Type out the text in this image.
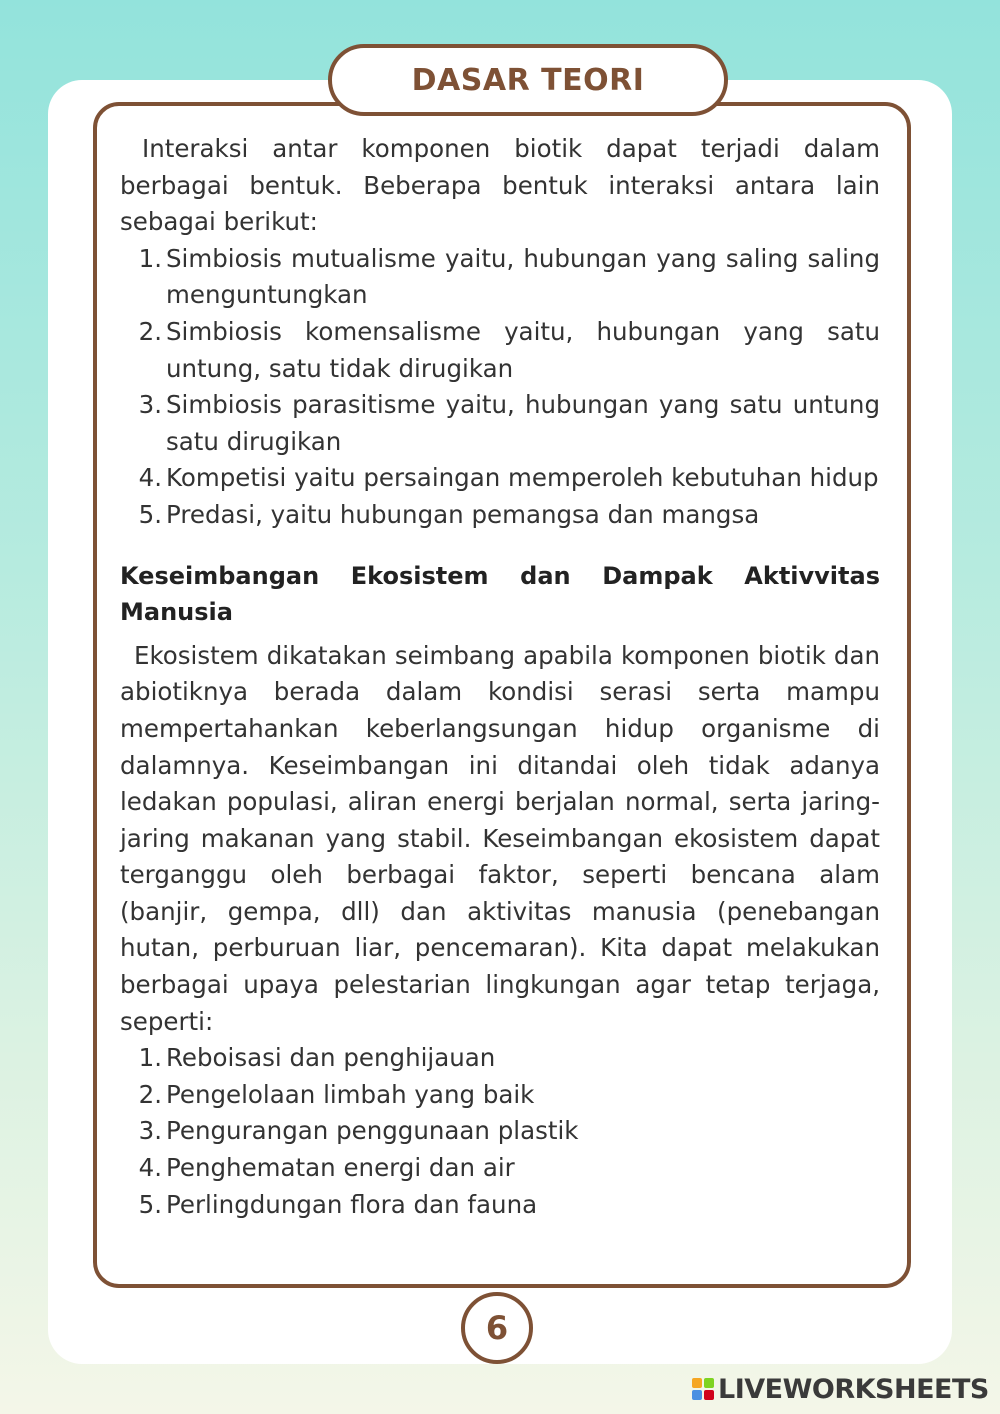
DASAR TEORI

Interaksi antar komponen biotik dapat terjadi dalam berbagai bentuk. Beberapa bentuk interaksi antara lain sebagai berikut:

1. Simbiosis mutualisme yaitu, hubungan yang saling saling menguntungkan
2. Simbiosis komensalisme yaitu, hubungan yang satu untung, satu tidak dirugikan
3. Simbiosis parasitisme yaitu, hubungan yang satu untung satu dirugikan
4. Kompetisi yaitu persaingan memperoleh kebutuhan hidup
5. Predasi, yaitu hubungan pemangsa dan mangsa
Keseimbangan Ekosistem dan Dampak Aktivvitas Manusia

Ekosistem dikatakan seimbang apabila komponen biotik dan abiotiknya berada dalam kondisi serasi serta mampu mempertahankan keberlangsungan hidup organisme di dalamnya. Keseimbangan ini ditandai oleh tidak adanya ledakan populasi, aliran energi berjalan normal, serta jaring-jaring makanan yang stabil. Keseimbangan ekosistem dapat terganggu oleh berbagai faktor, seperti bencana alam (banjir, gempa, dll) dan aktivitas manusia (penebangan hutan, perburuan liar, pencemaran). Kita dapat melakukan berbagai upaya pelestarian lingkungan agar tetap terjaga, seperti:

1. Reboisasi dan penghijauan
2. Pengelolaan limbah yang baik
3. Pengurangan penggunaan plastik
4. Penghematan energi dan air
5. Perlingdungan flora dan fauna
6
LIVEWORKSHEETS
